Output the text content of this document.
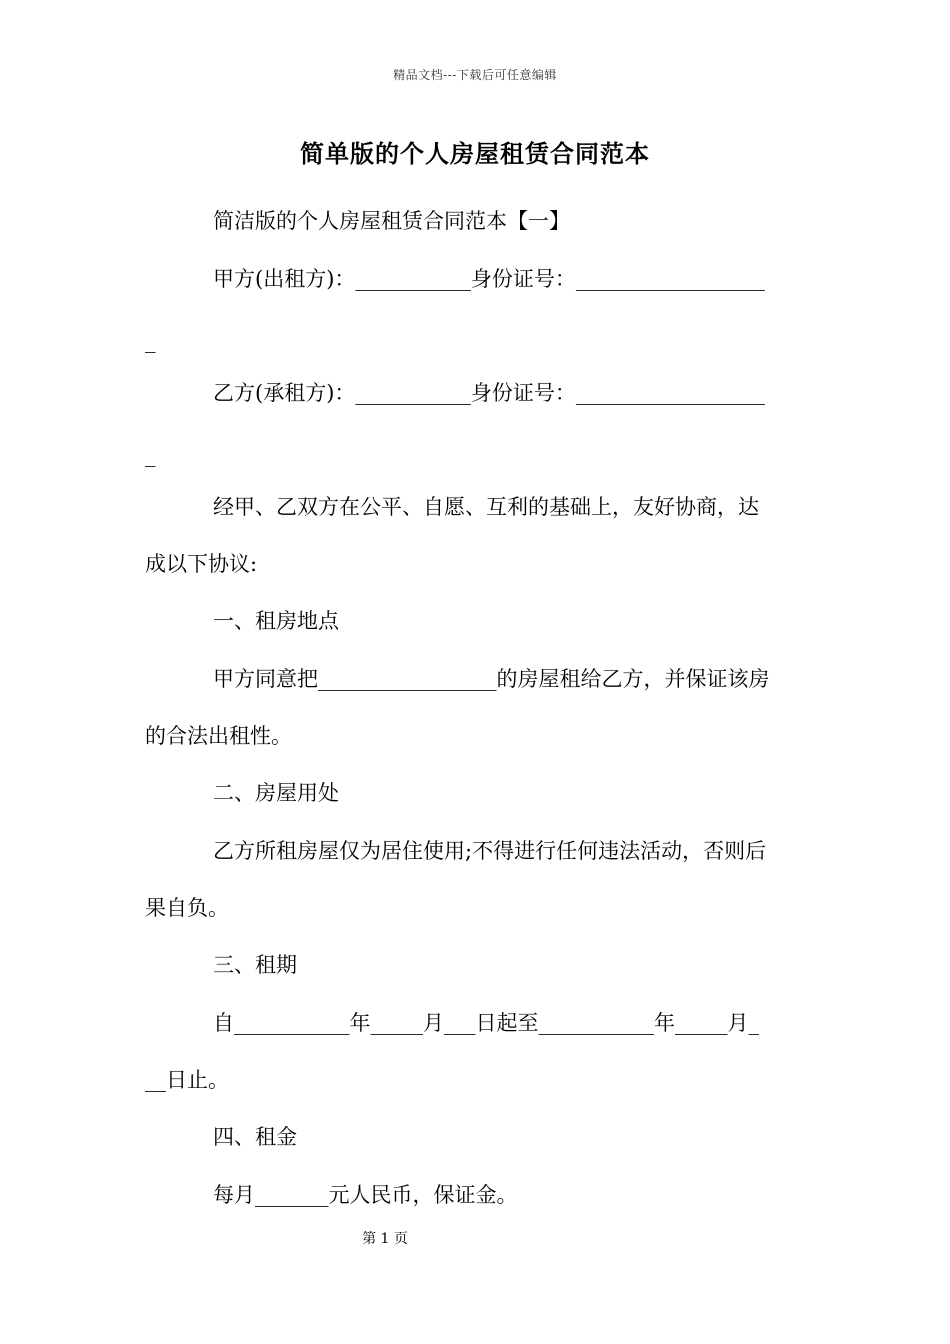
精品文档---下载后可任意编辑
简单版的个人房屋租赁合同范本
简洁版的个人房屋租赁合同范本【一】
甲方(出租方)：___________身份证号：__________________
_
乙方(承租方)：___________身份证号：__________________
_
经甲、乙双方在公平、自愿、互利的基础上，友好协商，达
成以下协议:
一、租房地点
甲方同意把_________________的房屋租给乙方，并保证该房
的合法出租性。
二、房屋用处
乙方所租房屋仅为居住使用;不得进行任何违法活动，否则后
果自负。
三、租期
自___________年_____月___日起至___________年_____月_
__日止。
四、租金
每月_______元人民币，保证金。
第 1 页
